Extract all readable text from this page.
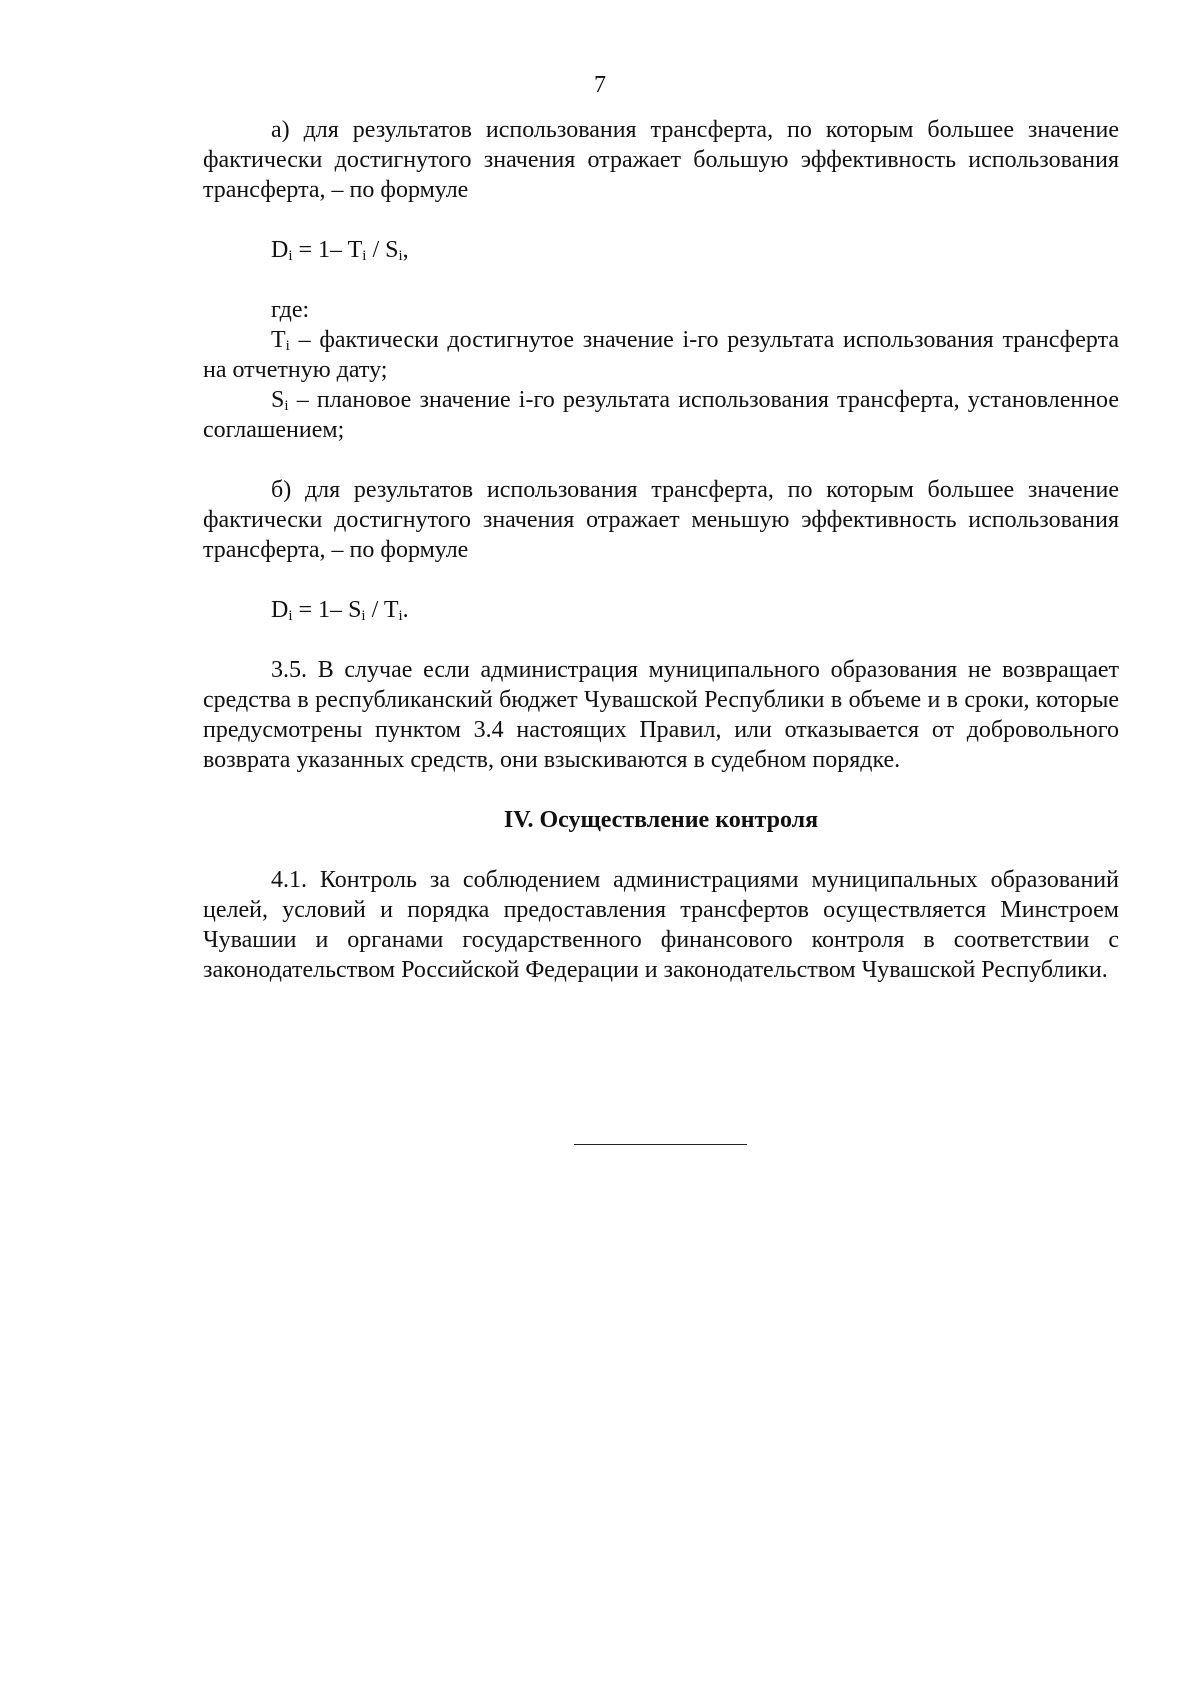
7

а) для результатов использования трансферта, по которым большее значение фактически достигнутого значения отражает большую эффективность использования трансферта, – по формуле

$D_i = 1-$ $T_i / S_i$,

где:

$T_i$ – фактически достигнутое значение i-го результата использования трансферта на отчетную дату;

$S_i$ – плановое значение i-го результата использования трансферта, установленное соглашением;

б) для результатов использования трансферта, по которым большее значение фактически достигнутого значения отражает меньшую эффективность использования трансферта, – по формуле

$D_i = 1-$ $S_i / T_i$.

3.5. В случае если администрация муниципального образования не возвращает средства в республиканский бюджет Чувашской Республики в объеме и в сроки, которые предусмотрены пунктом 3.4 настоящих Правил, или отказывается от добровольного возврата указанных средств, они взыскиваются в судебном порядке.

IV. Осуществление контроля

4.1. Контроль за соблюдением администрациями муниципальных образований целей, условий и порядка предоставления трансфертов осуществляется Минстроем Чувашии и органами государственного финансового контроля в соответствии с законодательством Российской Федерации и законодательством Чувашской Республики.
